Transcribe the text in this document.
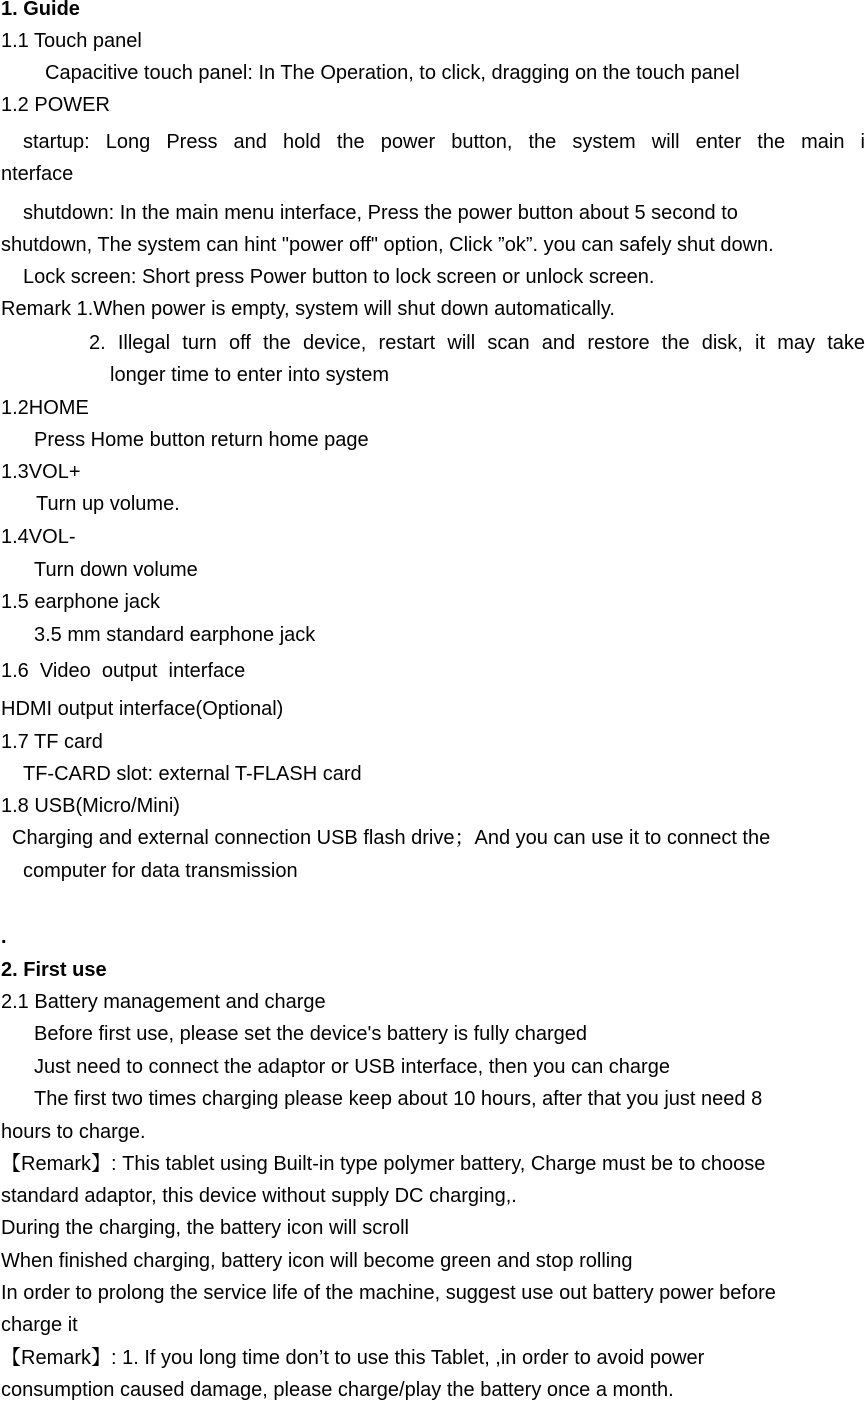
1. Guide

1.1 Touch panel

Capacitive touch panel: In The Operation, to click, dragging on the touch panel

1.2 POWER

startup: Long Press and hold the power button, the system will enter the main i

nterface

shutdown: In the main menu interface, Press the power button about 5 second to

shutdown, The system can hint "power off" option, Click ”ok”. you can safely shut down.

Lock screen: Short press Power button to lock screen or unlock screen.

Remark 1.When power is empty, system will shut down automatically.

2. Illegal turn off the device, restart will scan and restore the disk, it may take

longer time to enter into system

1.2HOME

Press Home button return home page

1.3VOL+

Turn up volume.

1.4VOL-

Turn down volume

1.5 earphone jack

3.5 mm standard earphone jack

1.6  Video  output  interface

HDMI output interface(Optional)

1.7 TF card

TF-CARD slot: external T-FLASH card

1.8 USB(Micro/Mini)

Charging and external connection USB flash drive；And you can use it to connect the

computer for data transmission

.

2. First use

2.1 Battery management and charge

Before first use, please set the device's battery is fully charged

Just need to connect the adaptor or USB interface, then you can charge

The first two times charging please keep about 10 hours, after that you just need 8

hours to charge.

【Remark】: This tablet using Built-in type polymer battery, Charge must be to choose

standard adaptor, this device without supply DC charging,.

During the charging, the battery icon will scroll

When finished charging, battery icon will become green and stop rolling

In order to prolong the service life of the machine, suggest use out battery power before

charge it

【Remark】: 1. If you long time don’t to use this Tablet, ,in order to avoid power

consumption caused damage, please charge/play the battery once a month.
